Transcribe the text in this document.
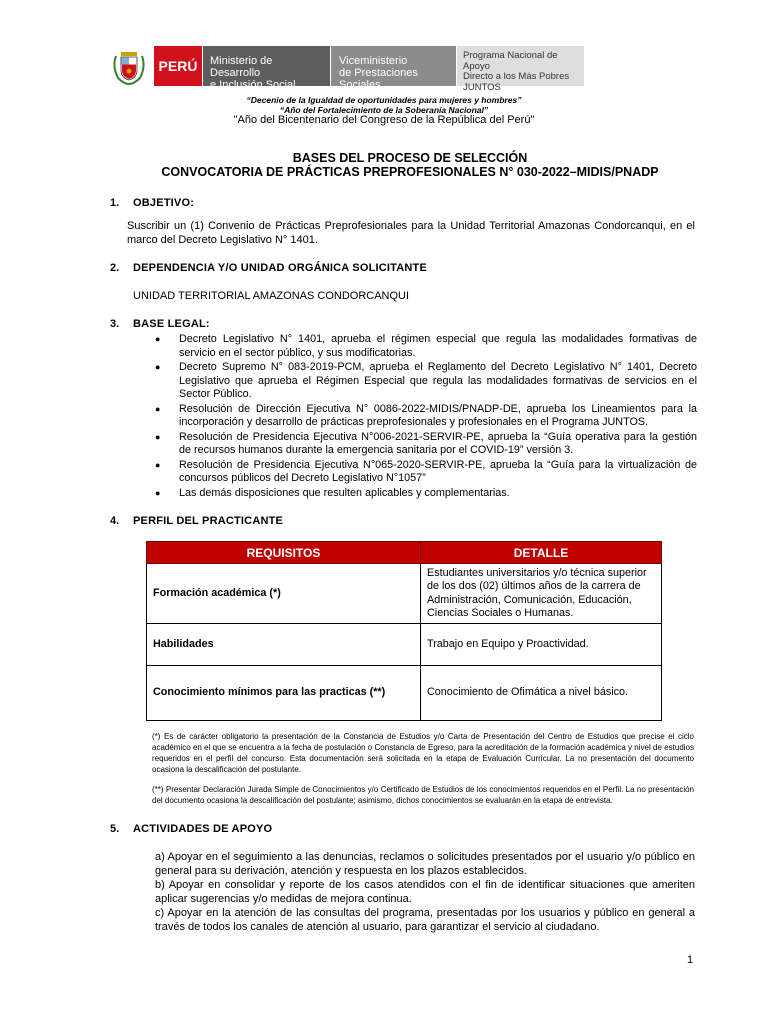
PERÚ	Ministerio de Desarrollo
e Inclusión Social
Viceministerio
de Prestaciones Sociales
Programa Nacional de Apoyo
Directo a los Más Pobres
JUNTOS
“Decenio de la Igualdad de oportunidades para mujeres y hombres”
“Año del Fortalecimiento de la Soberanía Nacional”
"Año del Bicentenario del Congreso de la República del Perú"
BASES DEL PROCESO DE SELECCIÓN
CONVOCATORIA DE PRÁCTICAS PREPROFESIONALES N° 030-2022–MIDIS/PNADP
1. OBJETIVO:
Suscribir un (1) Convenio de Prácticas Preprofesionales para la Unidad Territorial Amazonas Condorcanqui, en el marco del Decreto Legislativo N° 1401.
2. DEPENDENCIA Y/O UNIDAD ORGÁNICA SOLICITANTE
UNIDAD TERRITORIAL AMAZONAS CONDORCANQUI
3. BASE LEGAL:
● Decreto Legislativo N° 1401, aprueba el régimen especial que regula las modalidades formativas de servicio en el sector público, y sus modificatorias.
● Decreto Supremo N° 083-2019-PCM, aprueba el Reglamento del Decreto Legislativo N° 1401, Decreto Legislativo que aprueba el Régimen Especial que regula las modalidades formativas de servicios en el Sector Público.
● Resolución de Dirección Ejecutiva N° 0086-2022-MIDIS/PNADP-DE, aprueba los Lineamientos para la incorporación y desarrollo de prácticas preprofesionales y profesionales en el Programa JUNTOS.
● Resolución de Presidencia Ejecutiva N°006-2021-SERVIR-PE, aprueba la “Guía operativa para la gestión de recursos humanos durante la emergencia sanitaria por el COVID-19” versión 3.
● Resolución de Presidencia Ejecutiva N°065-2020-SERVIR-PE, aprueba la “Guía para la virtualización de concursos públicos del Decreto Legislativo N°1057”
● Las demás disposiciones que resulten aplicables y complementarias.
4. PERFIL DEL PRACTICANTE
REQUISITOS	DETALLE
Formación académica (*)	Estudiantes universitarios y/o técnica superior de los dos (02) últimos años de la carrera de Administración, Comunicación, Educación, Ciencias Sociales o Humanas.
Habilidades	Trabajo en Equipo y Proactividad.
Conocimiento mínimos para las practicas (**)	Conocimiento de Ofimática a nivel básico.
(*) Es de carácter obligatorio la presentación de la Constancia de Estudios y/o Carta de Presentación del Centro de Estudios que precise el ciclo académico en el que se encuentra a la fecha de postulación o Constancia de Egreso, para la acreditación de la formación académica y nivel de estudios requeridos en el perfil del concurso. Esta documentación será solicitada en la etapa de Evaluación Curricular. La no presentación del documento ocasiona la descalificación del postulante.
(**) Presentar Declaración Jurada Simple de Conocimientos y/o Certificado de Estudios de los conocimientos requeridos en el Perfil. La no presentación del documento ocasiona la descalificación del postulante; asimismo, dichos conocimientos se evaluarán en la etapa de entrevista.
5. ACTIVIDADES DE APOYO

a) Apoyar en el seguimiento a las denuncias, reclamos o solicitudes presentados por el usuario y/o público en general para su derivación, atención y respuesta en los plazos establecidos.

b) Apoyar en consolidar y reporte de los casos atendidos con el fin de identificar situaciones que ameriten aplicar sugerencias y/o medidas de mejora continua.

c) Apoyar en la atención de las consultas del programa, presentadas por los usuarios y público en general a través de todos los canales de atención al usuario, para garantizar el servicio al ciudadano.

1
